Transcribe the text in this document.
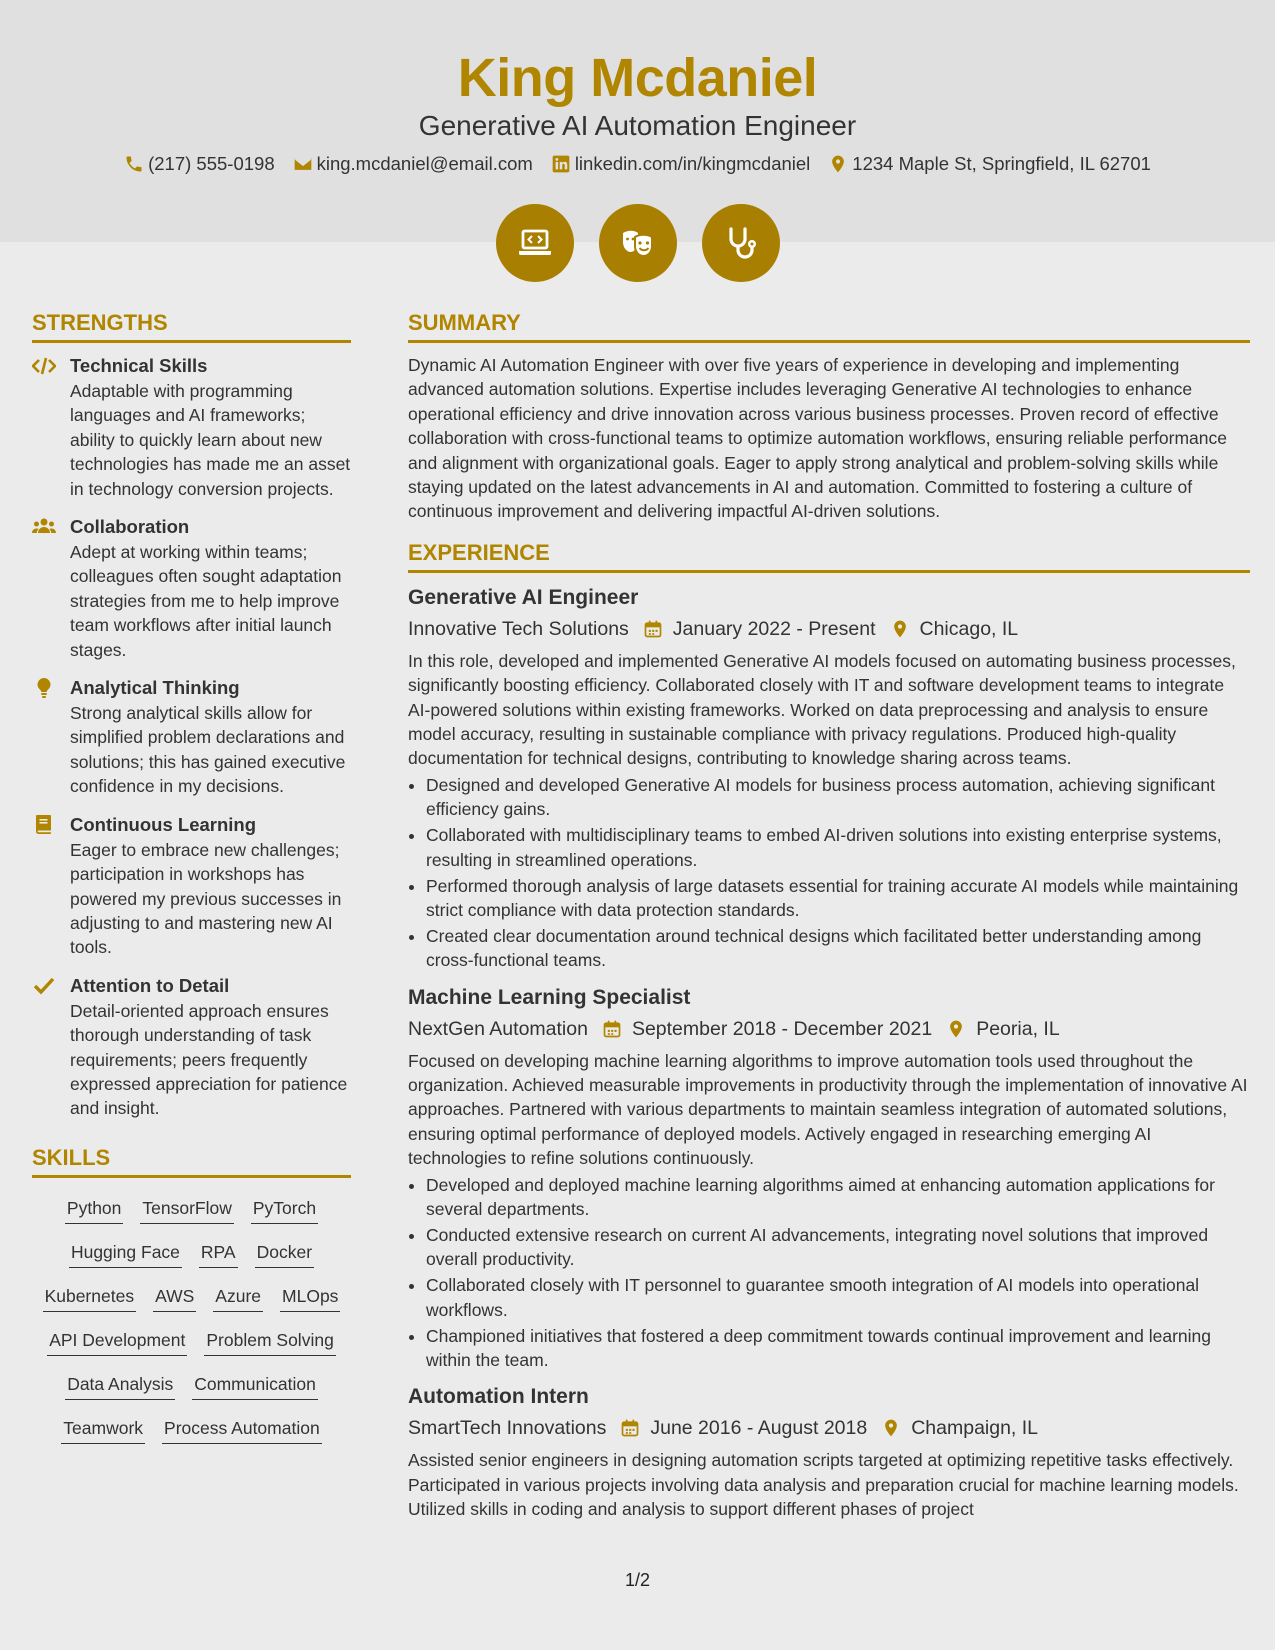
King Mcdaniel
Generative AI Automation Engineer
(217) 555-0198 king.mcdaniel@email.com linkedin.com/in/kingmcdaniel 1234 Maple St, Springfield, IL 62701
STRENGTHS
Technical Skills
Adaptable with programming languages and AI frameworks; ability to quickly learn about new technologies has made me an asset in technology conversion projects.
Collaboration
Adept at working within teams; colleagues often sought adaptation strategies from me to help improve team workflows after initial launch stages.
Analytical Thinking
Strong analytical skills allow for simplified problem declarations and solutions; this has gained executive confidence in my decisions.
Continuous Learning
Eager to embrace new challenges; participation in workshops has powered my previous successes in adjusting to and mastering new AI tools.
Attention to Detail
Detail-oriented approach ensures thorough understanding of task requirements; peers frequently expressed appreciation for patience and insight.
SKILLS
Python TensorFlow PyTorch
Hugging Face RPA Docker
Kubernetes AWS Azure MLOps
API Development Problem Solving
Data Analysis Communication
Teamwork Process Automation
SUMMARY
Dynamic AI Automation Engineer with over five years of experience in developing and implementing advanced automation solutions. Expertise includes leveraging Generative AI technologies to enhance operational efficiency and drive innovation across various business processes. Proven record of effective collaboration with cross-functional teams to optimize automation workflows, ensuring reliable performance and alignment with organizational goals. Eager to apply strong analytical and problem-solving skills while staying updated on the latest advancements in AI and automation. Committed to fostering a culture of continuous improvement and delivering impactful AI-driven solutions.
EXPERIENCE
Generative AI Engineer
Innovative Tech Solutions January 2022 - Present Chicago, IL
In this role, developed and implemented Generative AI models focused on automating business processes, significantly boosting efficiency. Collaborated closely with IT and software development teams to integrate AI-powered solutions within existing frameworks. Worked on data preprocessing and analysis to ensure model accuracy, resulting in sustainable compliance with privacy regulations. Produced high-quality documentation for technical designs, contributing to knowledge sharing across teams.
• Designed and developed Generative AI models for business process automation, achieving significant efficiency gains.
• Collaborated with multidisciplinary teams to embed AI-driven solutions into existing enterprise systems, resulting in streamlined operations.
• Performed thorough analysis of large datasets essential for training accurate AI models while maintaining strict compliance with data protection standards.
• Created clear documentation around technical designs which facilitated better understanding among cross-functional teams.
Machine Learning Specialist
NextGen Automation September 2018 - December 2021 Peoria, IL
Focused on developing machine learning algorithms to improve automation tools used throughout the organization. Achieved measurable improvements in productivity through the implementation of innovative AI approaches. Partnered with various departments to maintain seamless integration of automated solutions, ensuring optimal performance of deployed models. Actively engaged in researching emerging AI technologies to refine solutions continuously.
• Developed and deployed machine learning algorithms aimed at enhancing automation applications for several departments.
• Conducted extensive research on current AI advancements, integrating novel solutions that improved overall productivity.
• Collaborated closely with IT personnel to guarantee smooth integration of AI models into operational workflows.
• Championed initiatives that fostered a deep commitment towards continual improvement and learning within the team.
Automation Intern
SmartTech Innovations June 2016 - August 2018 Champaign, IL
Assisted senior engineers in designing automation scripts targeted at optimizing repetitive tasks effectively. Participated in various projects involving data analysis and preparation crucial for machine learning models. Utilized skills in coding and analysis to support different phases of project
1/2
